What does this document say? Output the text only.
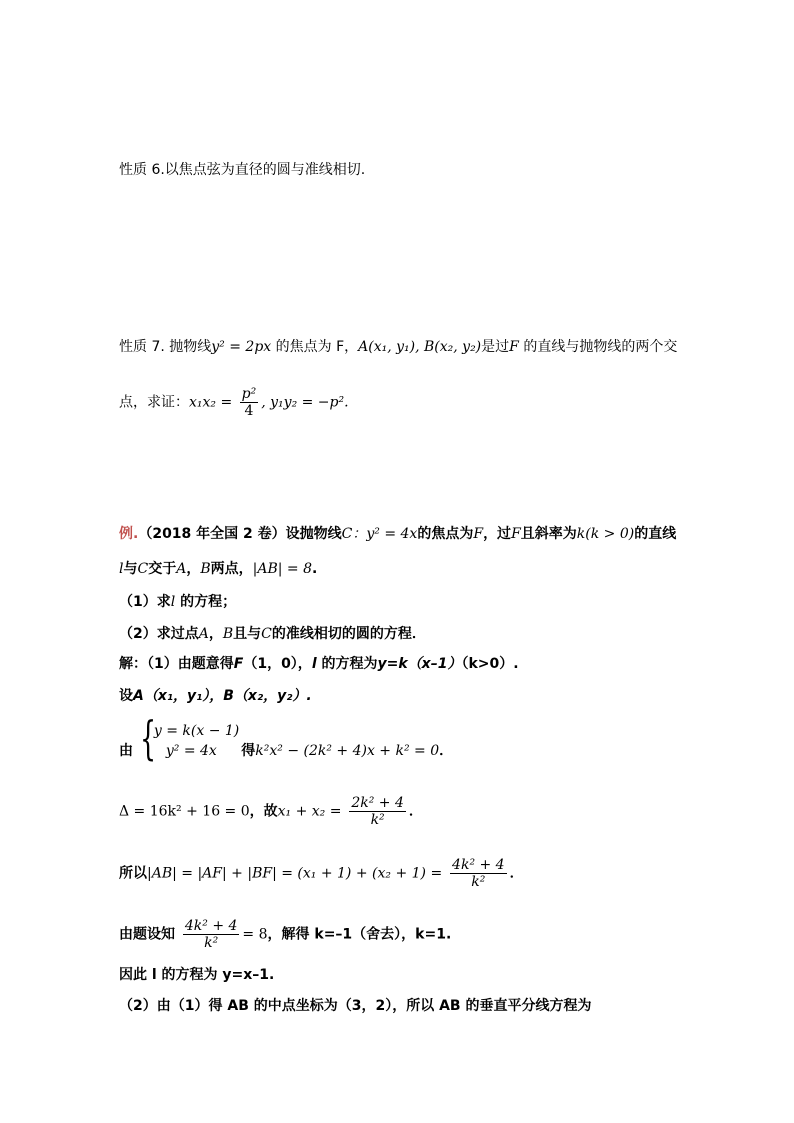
性质 6.以焦点弦为直径的圆与准线相切.
性质 7. 抛物线y² = 2px 的焦点为 F，A(x₁, y₁), B(x₂, y₂)是过F 的直线与抛物线的两个交
点，求证：$x_1x_2 = \frac{\text{p²}}{4}$ , y₁y₂ = −p².
例.（2018 年全国 2 卷）设抛物线C：y² = 4x的焦点为F，过F且斜率为k(k > 0)的直线
l与C交于A，B两点，|AB| = 8.
（1）求l 的方程；
（2）求过点A，B且与C的准线相切的圆的方程．
解：（1）由题意得F（1，0），l 的方程为y=k（x–1）（k>0）.
设A（x₁，y₁），B（x₂，y₂）.
由 {
y = k(x − 1)
y² = 4x	得k²x² − (2k² + 4)x + k² = 0．
Δ = 16k² + 16 = 0，故$x_1 + x_2 = \frac{\text{2k² + 4}}{\text{k²}}$ ．
所以$|AB| = |AF| + |BF| = (x_1 + 1) + (x_2 + 1) = \frac{\text{4k² + 4}}{\text{k²}}$ ．
由题设知 $\frac{\text{4k² + 4}}{\text{k²}} = 8$，解得 k=–1（舍去），k=1.
因此 l 的方程为 y=x–1.
（2）由（1）得 AB 的中点坐标为（3，2），所以 AB 的垂直平分线方程为
